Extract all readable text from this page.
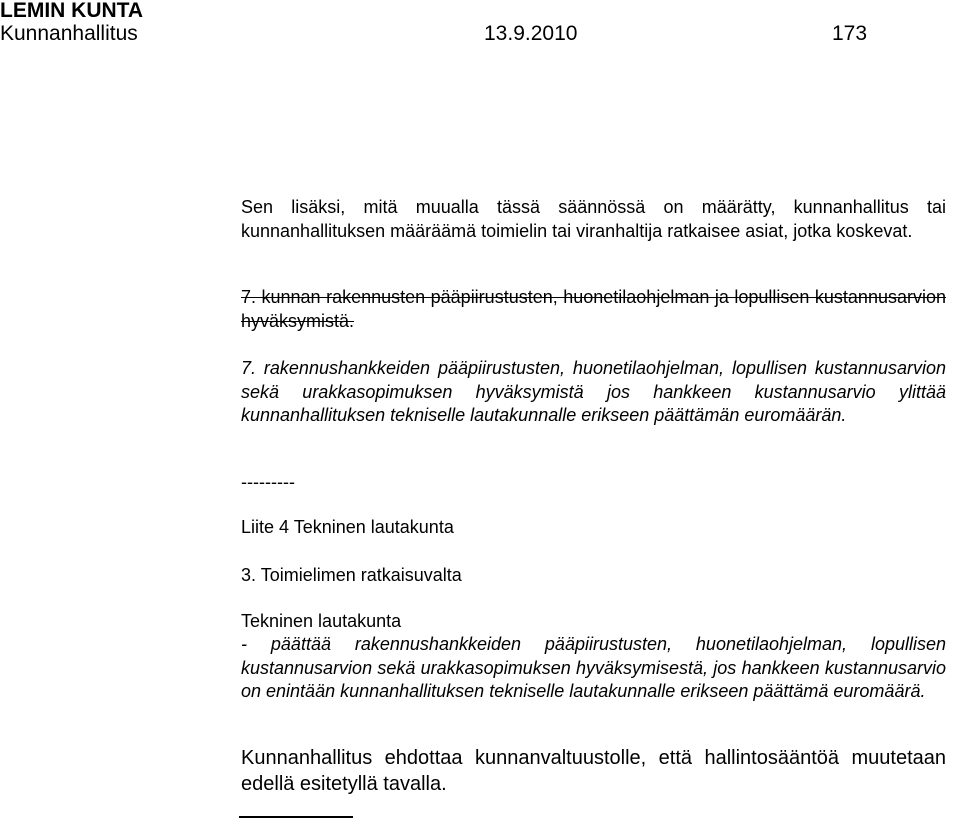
LEMIN KUNTA
Kunnanhallitus	13.9.2010	173
Sen lisäksi, mitä muualla tässä säännössä on määrätty, kunnanhallitus tai kunnanhallituksen määräämä toimielin tai viranhaltija ratkaisee asiat, jotka koskevat.
7. kunnan rakennusten pääpiirustusten, huonetilaohjelman ja lopullisen kustannusarvion hyväksymistä.
7. rakennushankkeiden pääpiirustusten, huonetilaohjelman, lopullisen kustannusarvion sekä urakkasopimuksen hyväksymistä jos hankkeen kustannusarvio ylittää kunnanhallituksen tekniselle lautakunnalle erikseen päättämän euromäärän.
---------
Liite 4 Tekninen lautakunta
3. Toimielimen ratkaisuvalta
Tekninen lautakunta
- päättää rakennushankkeiden pääpiirustusten, huonetilaohjelman, lopullisen kustannusarvion sekä urakkasopimuksen hyväksymisestä, jos hankkeen kustannusarvio on enintään kunnanhallituksen tekniselle lautakunnalle erikseen päättämä euromäärä.
Kunnanhallitus ehdottaa kunnanvaltuustolle, että hallintosääntöä muutetaan edellä esitetyllä tavalla.
